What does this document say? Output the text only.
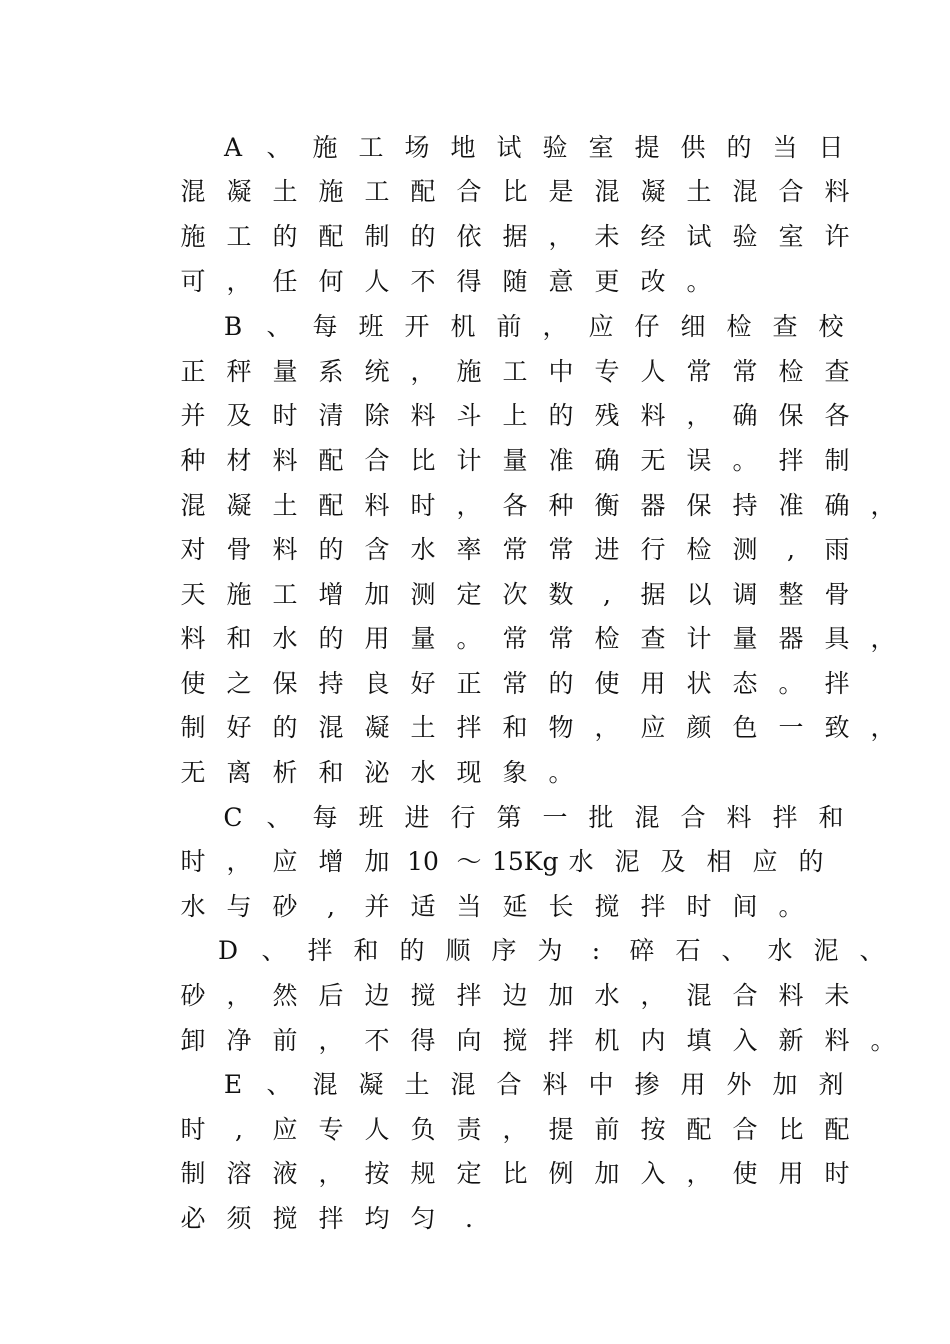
A 、 施 工 场 地 试 验 室 提 供 的 当 日
混 凝 土 施 工 配 合 比 是 混 凝 土 混 合 料
施 工 的 配 制 的 依 据 ， 未 经 试 验 室 许
可 ， 任 何 人 不 得 随 意 更 改 。
B 、 每 班 开 机 前 ， 应 仔 细 检 查 校
正 秤 量 系 统 ， 施 工 中 专 人 常 常 检 查
并 及 时 清 除 料 斗 上 的 残 料 ， 确 保 各
种 材 料 配 合 比 计 量 准 确 无 误 。 拌 制
混 凝 土 配 料 时 ， 各 种 衡 器 保 持 准 确 ，
对 骨 料 的 含 水 率 常 常 进 行 检 测 , 雨
天 施 工 增 加 测 定 次 数 , 据 以 调 整 骨
料 和 水 的 用 量 。 常 常 检 查 计 量 器 具 ，
使 之 保 持 良 好 正 常 的 使 用 状 态 。 拌
制 好 的 混 凝 土 拌 和 物 ， 应 颜 色 一 致 ，
无 离 析 和 泌 水 现 象 。
C 、 每 班 进 行 第 一 批 混 合 料 拌 和
时 ， 应 增 加 10 ～ 15Kg 水 泥 及 相 应 的
水 与 砂 , 并 适 当 延 长 搅 拌 时 间 。
D 、 拌 和 的 顺 序 为 : 碎 石 、 水 泥 、
砂 ， 然 后 边 搅 拌 边 加 水 ， 混 合 料 未
卸 净 前 ， 不 得 向 搅 拌 机 内 填 入 新 料 。
E 、 混 凝 土 混 合 料 中 掺 用 外 加 剂
时 , 应 专 人 负 责 ， 提 前 按 配 合 比 配
制 溶 液 ， 按 规 定 比 例 加 入 ， 使 用 时
必 须 搅 拌 均 匀 .
